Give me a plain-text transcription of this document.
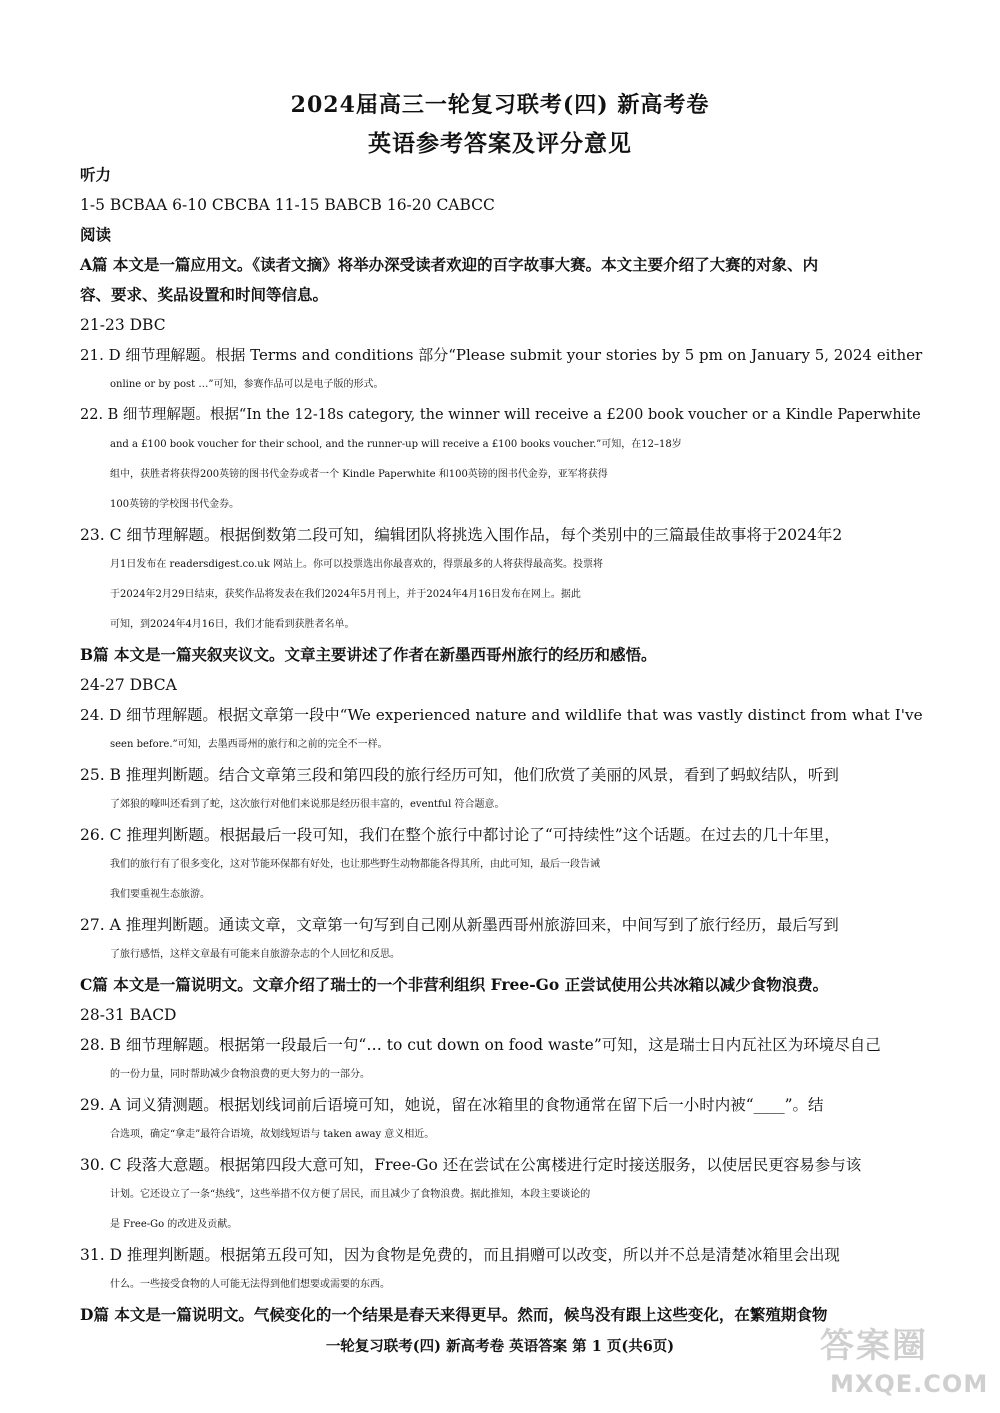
2024届高三一轮复习联考(四) 新高考卷
英语参考答案及评分意见
听力
1-5 BCBAA 6-10 CBCBA 11-15 BABCB 16-20 CABCC
阅读
A篇 本文是一篇应用文。《读者文摘》将举办深受读者欢迎的百字故事大赛。本文主要介绍了大赛的对象、内
容、要求、奖品设置和时间等信息。
21-23 DBC
21. D 细节理解题。根据 Terms and conditions 部分“Please submit your stories by 5 pm on January 5, 2024 either
online or by post …”可知，参赛作品可以是电子版的形式。
22. B 细节理解题。根据“In the 12-18s category, the winner will receive a £200 book voucher or a Kindle Paperwhite
and a £100 book voucher for their school, and the runner-up will receive a £100 books voucher.”可知，在12–18岁
组中，获胜者将获得200英镑的图书代金券或者一个 Kindle Paperwhite 和100英镑的图书代金券，亚军将获得
100英镑的学校图书代金券。
23. C 细节理解题。根据倒数第二段可知，编辑团队将挑选入围作品，每个类别中的三篇最佳故事将于2024年2
月1日发布在 readersdigest.co.uk 网站上。你可以投票选出你最喜欢的，得票最多的人将获得最高奖。投票将
于2024年2月29日结束，获奖作品将发表在我们2024年5月刊上，并于2024年4月16日发布在网上。据此
可知，到2024年4月16日，我们才能看到获胜者名单。
B篇 本文是一篇夹叙夹议文。文章主要讲述了作者在新墨西哥州旅行的经历和感悟。
24-27 DBCA
24. D 细节理解题。根据文章第一段中“We experienced nature and wildlife that was vastly distinct from what I've
seen before.”可知，去墨西哥州的旅行和之前的完全不一样。
25. B 推理判断题。结合文章第三段和第四段的旅行经历可知，他们欣赏了美丽的风景，看到了蚂蚁结队，听到
了郊狼的嚎叫还看到了蛇，这次旅行对他们来说那是经历很丰富的，eventful 符合题意。
26. C 推理判断题。根据最后一段可知，我们在整个旅行中都讨论了“可持续性”这个话题。在过去的几十年里，
我们的旅行有了很多变化，这对节能环保都有好处，也让那些野生动物都能各得其所，由此可知，最后一段告诫
我们要重视生态旅游。
27. A 推理判断题。通读文章，文章第一句写到自己刚从新墨西哥州旅游回来，中间写到了旅行经历，最后写到
了旅行感悟，这样文章最有可能来自旅游杂志的个人回忆和反思。
C篇 本文是一篇说明文。文章介绍了瑞士的一个非营利组织 Free-Go 正尝试使用公共冰箱以减少食物浪费。
28-31 BACD
28. B 细节理解题。根据第一段最后一句“… to cut down on food waste”可知，这是瑞士日内瓦社区为环境尽自己
的一份力量，同时帮助减少食物浪费的更大努力的一部分。
29. A 词义猜测题。根据划线词前后语境可知，她说，留在冰箱里的食物通常在留下后一小时内被“____”。结
合选项，确定“拿走”最符合语境，故划线短语与 taken away 意义相近。
30. C 段落大意题。根据第四段大意可知，Free-Go 还在尝试在公寓楼进行定时接送服务，以使居民更容易参与该
计划。它还设立了一条“热线”，这些举措不仅方便了居民，而且减少了食物浪费。据此推知，本段主要谈论的
是 Free-Go 的改进及贡献。
31. D 推理判断题。根据第五段可知，因为食物是免费的，而且捐赠可以改变，所以并不总是清楚冰箱里会出现
什么。一些接受食物的人可能无法得到他们想要或需要的东西。
D篇 本文是一篇说明文。气候变化的一个结果是春天来得更早。然而，候鸟没有跟上这些变化，在繁殖期食物
一轮复习联考(四) 新高考卷 英语答案 第 1 页(共6页)	答案圈
MXQE.COM
